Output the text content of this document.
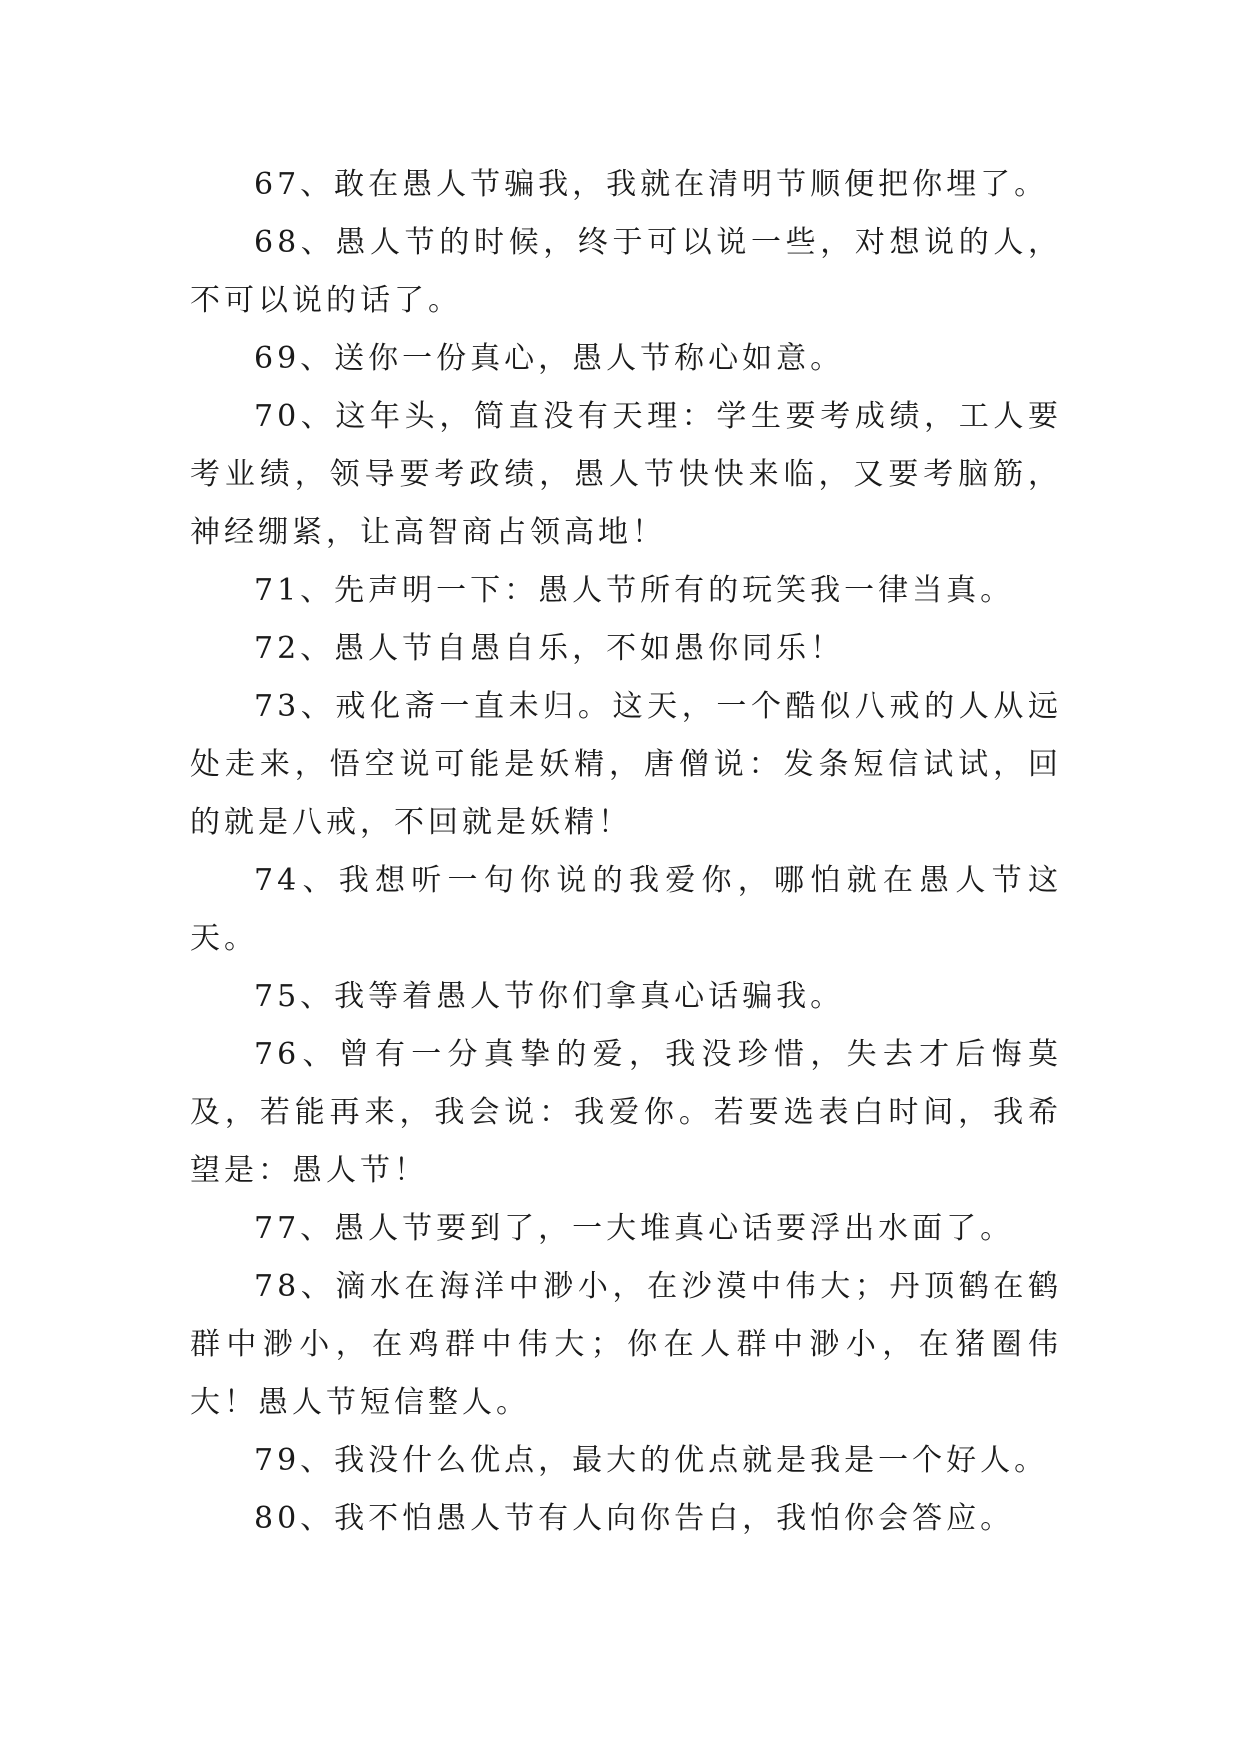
67、敢在愚人节骗我，我就在清明节顺便把你埋了。

68、愚人节的时候，终于可以说一些，对想说的人，不可以说的话了。

69、送你一份真心，愚人节称心如意。

70、这年头，简直没有天理：学生要考成绩，工人要考业绩，领导要考政绩，愚人节快快来临，又要考脑筋，神经绷紧，让高智商占领高地！

71、先声明一下：愚人节所有的玩笑我一律当真。

72、愚人节自愚自乐，不如愚你同乐！

73、戒化斋一直未归。这天，一个酷似八戒的人从远处走来，悟空说可能是妖精，唐僧说：发条短信试试，回的就是八戒，不回就是妖精！

74、我想听一句你说的我爱你，哪怕就在愚人节这天。

75、我等着愚人节你们拿真心话骗我。

76、曾有一分真挚的爱，我没珍惜，失去才后悔莫及，若能再来，我会说：我爱你。若要选表白时间，我希望是：愚人节！

77、愚人节要到了，一大堆真心话要浮出水面了。

78、滴水在海洋中渺小，在沙漠中伟大；丹顶鹤在鹤群中渺小，在鸡群中伟大；你在人群中渺小，在猪圈伟大！愚人节短信整人。

79、我没什么优点，最大的优点就是我是一个好人。

80、我不怕愚人节有人向你告白，我怕你会答应。
